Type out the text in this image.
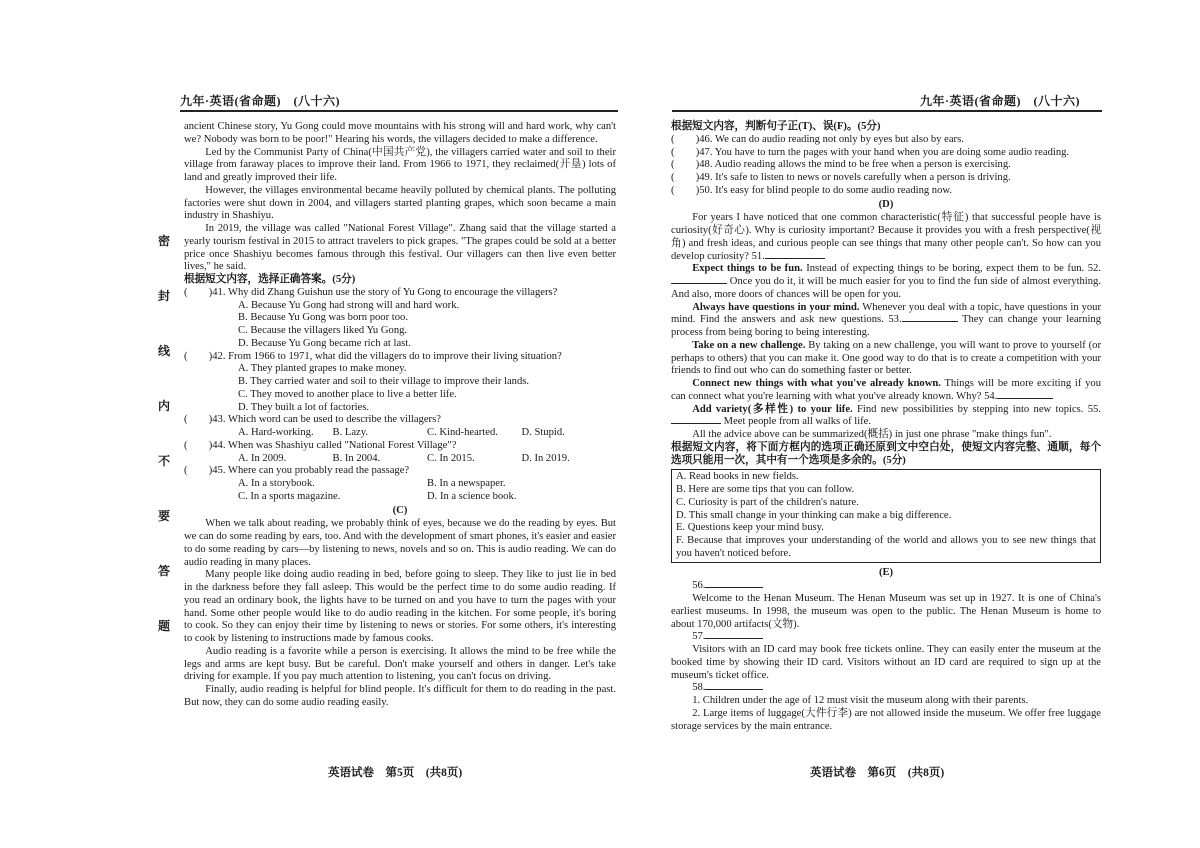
九年·英语(省命题)　(八十六)
密
封
线
内
不
要
答
题

ancient Chinese story, Yu Gong could move mountains with his strong will and hard work, why can't we? Nobody was born to be poor!" Hearing his words, the villagers decided to make a difference.

Led by the Communist Party of China(中国共产党), the villagers carried water and soil to their village from faraway places to improve their land. From 1966 to 1971, they reclaimed(开垦) lots of land and greatly improved their life.

However, the villages environmental became heavily polluted by chemical plants. The polluting factories were shut down in 2004, and villagers started planting grapes, which soon became a main industry in Shashiyu.

In 2019, the village was called "National Forest Village". Zhang said that the village started a yearly tourism festival in 2015 to attract travelers to pick grapes. "The grapes could be sold at a better price once Shashiyu becomes famous through this festival. Our villagers can then live even better lives," he said.

根据短文内容，选择正确答案。(5分)

(　　)41. Why did Zhang Guishun use the story of Yu Gong to encourage the villagers?

A. Because Yu Gong had strong will and hard work.

B. Because Yu Gong was born poor too.

C. Because the villagers liked Yu Gong.

D. Because Yu Gong became rich at last.

(　　)42. From 1966 to 1971, what did the villagers do to improve their living situation?

A. They planted grapes to make money.

B. They carried water and soil to their village to improve their lands.

C. They moved to another place to live a better life.

D. They built a lot of factories.

(　　)43. Which word can be used to describe the villagers?

A. Hard-working.	B. Lazy.	C. Kind-hearted.	D. Stupid.

(　　)44. When was Shashiyu called "National Forest Village"?

A. In 2009.	B. In 2004.	C. In 2015.	D. In 2019.

(　　)45. Where can you probably read the passage?

A. In a storybook.	B. In a newspaper.
C. In a sports magazine.	D. In a science book.

(C)

When we talk about reading, we probably think of eyes, because we do the reading by eyes. But we can do some reading by ears, too. And with the development of smart phones, it's easier and easier to do some reading by cars—by listening to news, novels and so on. This is audio reading. We can do audio reading in many places.

Many people like doing audio reading in bed, before going to sleep. They like to just lie in bed in the darkness before they fall asleep. This would be the perfect time to do some audio reading. If you read an ordinary book, the lights have to be turned on and you have to turn the pages with your hand. Some other people would like to do audio reading in the kitchen. For some people, it's boring to cook. So they can enjoy their time by listening to news or stories. For some others, it's interesting to cook by listening to instructions made by famous cooks.

Audio reading is a favorite while a person is exercising. It allows the mind to be free while the legs and arms are kept busy. But be careful. Don't make yourself and others in danger. Let's take driving for example. If you pay much attention to listening, you can't focus on driving.

Finally, audio reading is helpful for blind people. It's difficult for them to do reading in the past. But now, they can do some audio reading easily.

英语试卷　第5页　(共8页)
九年·英语(省命题)　(八十六)

根据短文内容，判断句子正(T)、误(F)。(5分)

(　　)46. We can do audio reading not only by eyes but also by ears.

(　　)47. You have to turn the pages with your hand when you are doing some audio reading.

(　　)48. Audio reading allows the mind to be free when a person is exercising.

(　　)49. It's safe to listen to news or novels carefully when a person is driving.

(　　)50. It's easy for blind people to do some audio reading now.

(D)

For years I have noticed that one common characteristic(特征) that successful people have is curiosity(好奇心). Why is curiosity important? Because it provides you with a fresh perspective(视角) and fresh ideas, and curious people can see things that many other people can't. So how can you develop curiosity? 51.

Expect things to be fun. Instead of expecting things to be boring, expect them to be fun. 52. Once you do it, it will be much easier for you to find the fun side of almost everything. And also, more doors of chances will be open for you.

Always have questions in your mind. Whenever you deal with a topic, have questions in your mind. Find the answers and ask new questions. 53.	They can change your learning process from being boring to being interesting.

Take on a new challenge. By taking on a new challenge, you will want to prove to yourself (or perhaps to others) that you can make it. One good way to do that is to create a competition with your friends to find out who can do something faster or better.

Connect new things with what you've already known. Things will be more exciting if you can connect what you're learning with what you've already known. Why? 54.

Add variety(多样性) to your life. Find new possibilities by stepping into new topics. 55. Meet people from all walks of life.

All the advice above can be summarized(概括) in just one phrase "make things fun".

根据短文内容，将下面方框内的选项正确还原到文中空白处，使短文内容完整、通顺，每个选项只能用一次，其中有一个选项是多余的。(5分)

A. Read books in new fields.

B. Here are some tips that you can follow.

C. Curiosity is part of the children's nature.

D. This small change in your thinking can make a big difference.

E. Questions keep your mind busy.

F. Because that improves your understanding of the world and allows you to see new things that you haven't noticed before.

(E)

56.

Welcome to the Henan Museum. The Henan Museum was set up in 1927. It is one of China's earliest museums. In 1998, the museum was open to the public. The Henan Museum is home to about 170,000 artifacts(文物).

57.

Visitors with an ID card may book free tickets online. They can easily enter the museum at the booked time by showing their ID card. Visitors without an ID card are required to sign up at the museum's ticket office.

58.

1. Children under the age of 12 must visit the museum along with their parents.

2. Large items of luggage(大件行李) are not allowed inside the museum. We offer free luggage storage services by the main entrance.

英语试卷　第6页　(共8页)
